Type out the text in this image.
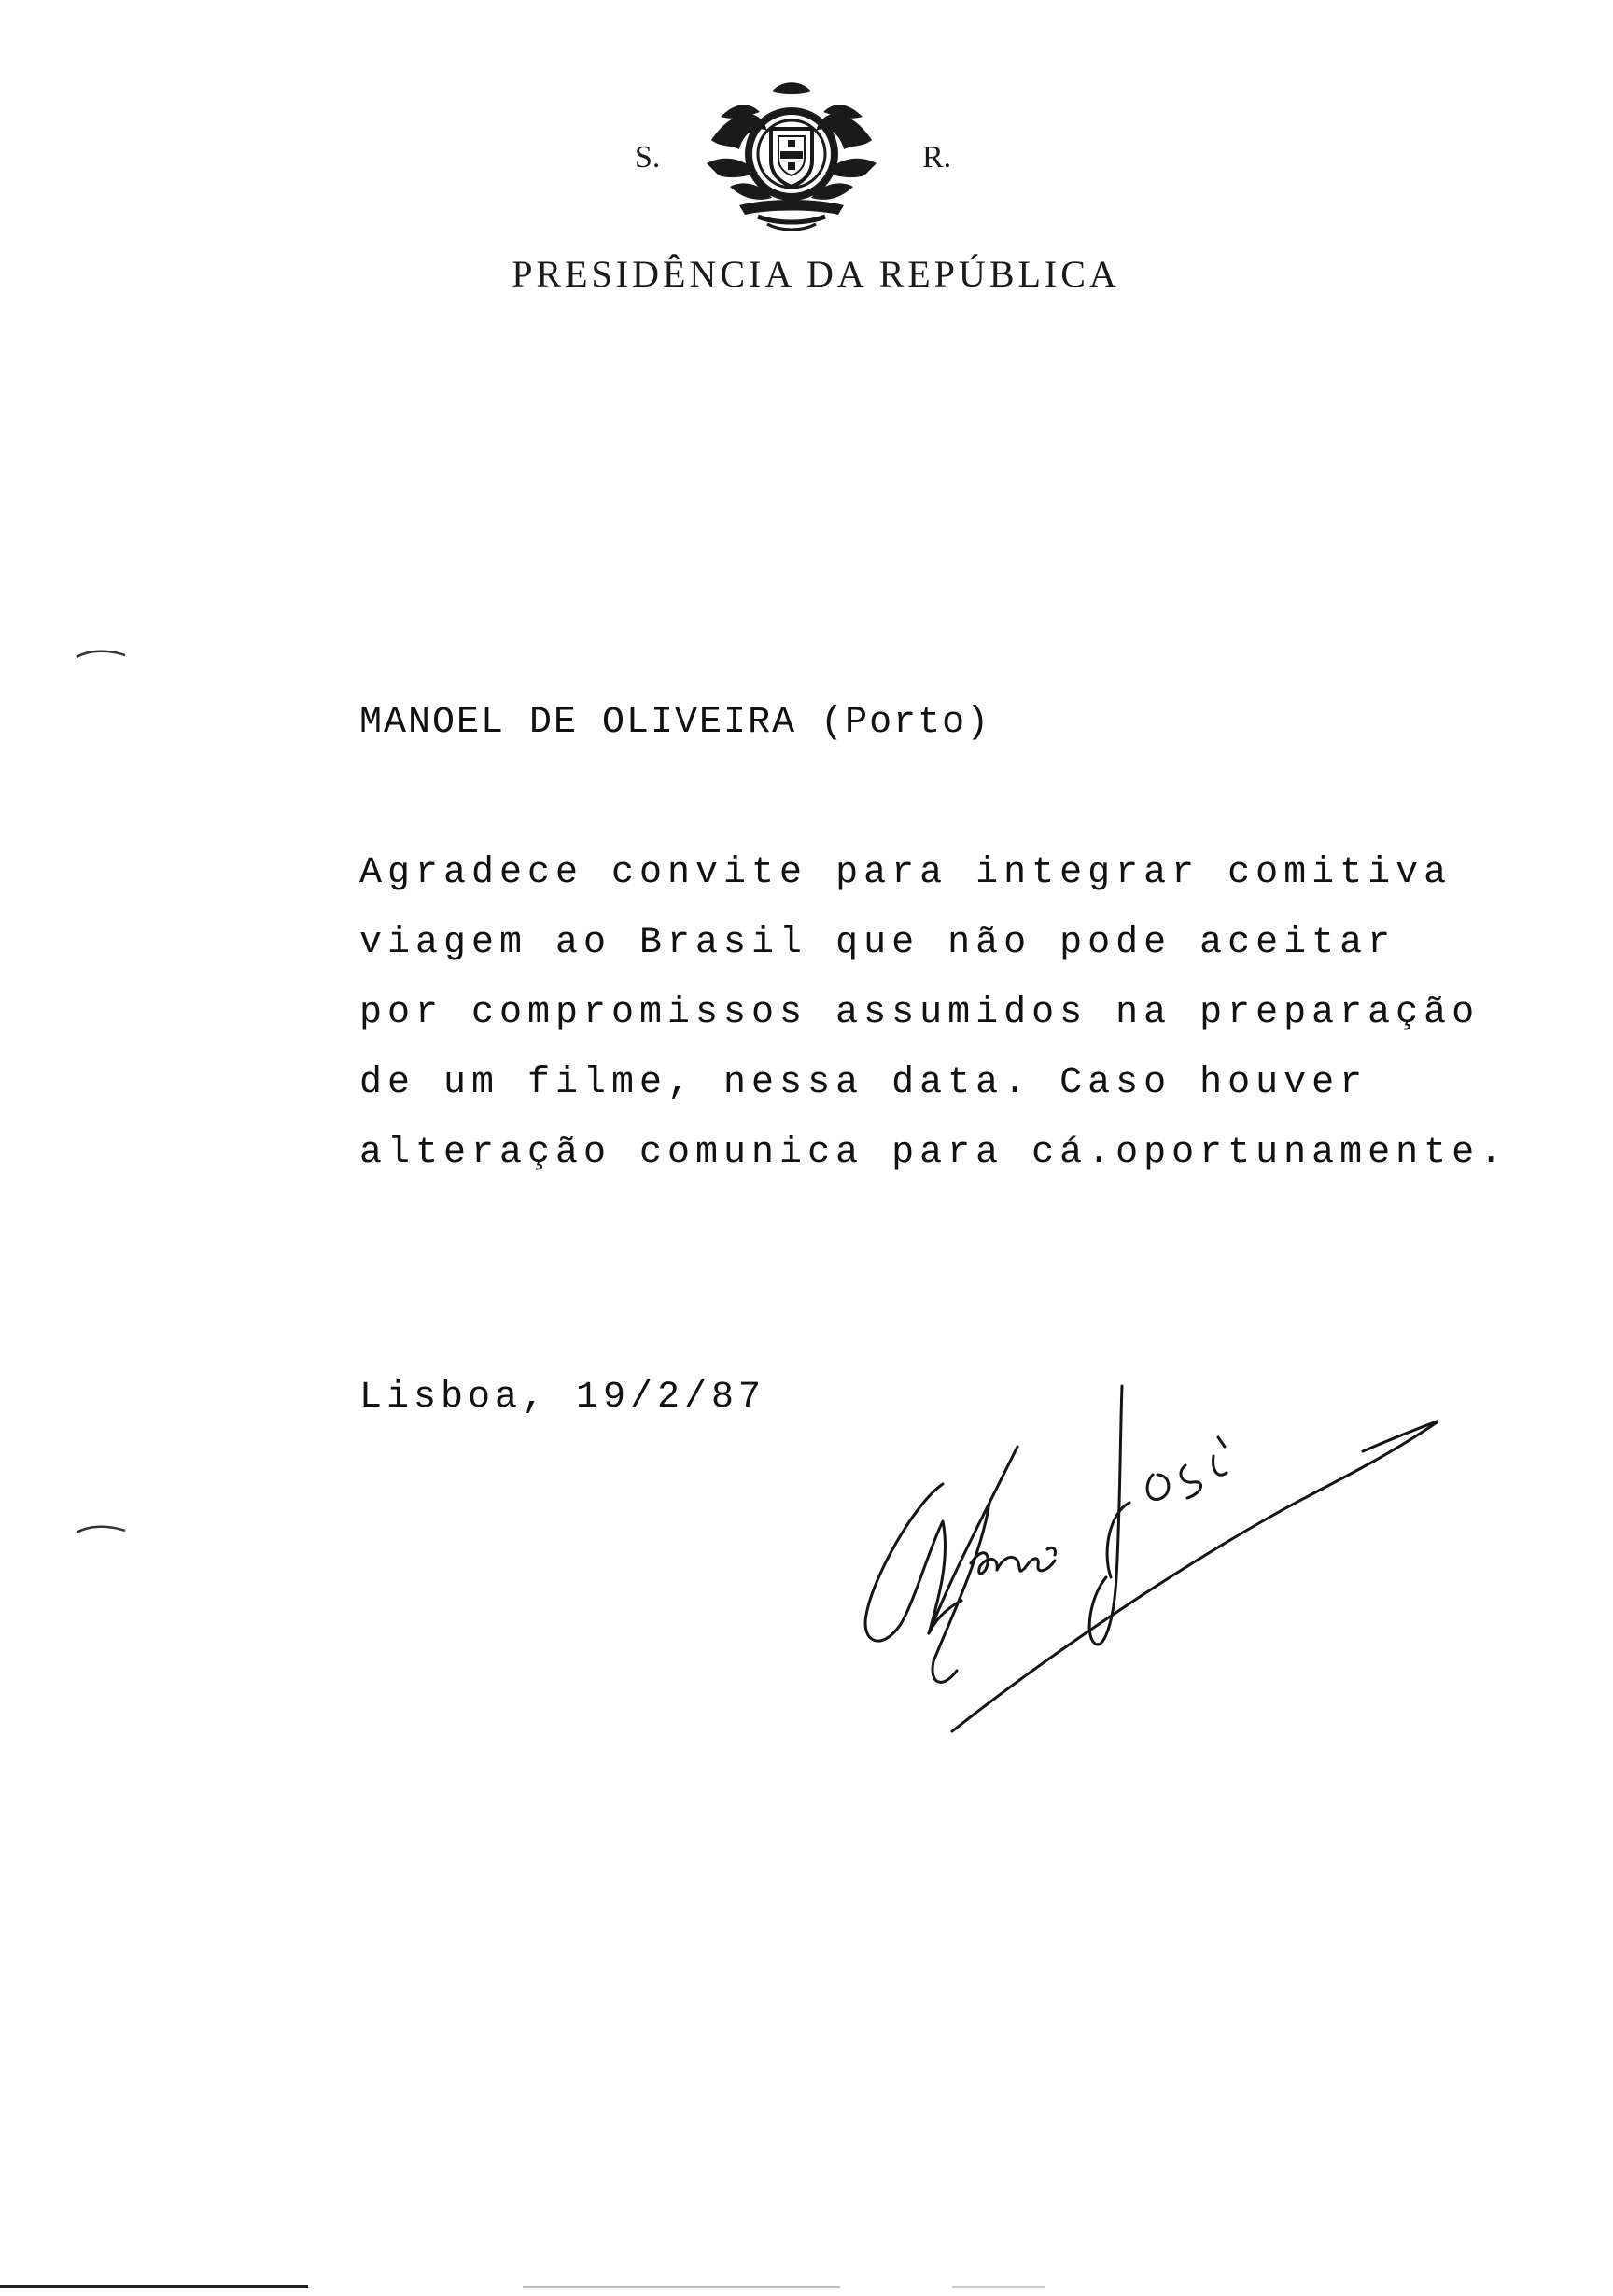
S.	R.
PRESIDÊNCIA DA REPÚBLICA
MANOEL DE OLIVEIRA (Porto)
Agradece convite para integrar comitiva
viagem ao Brasil que não pode aceitar
por compromissos assumidos na preparação
de um filme, nessa data. Caso houver
alteração comunica para cá.oportunamente.
Lisboa, 19/2/87
